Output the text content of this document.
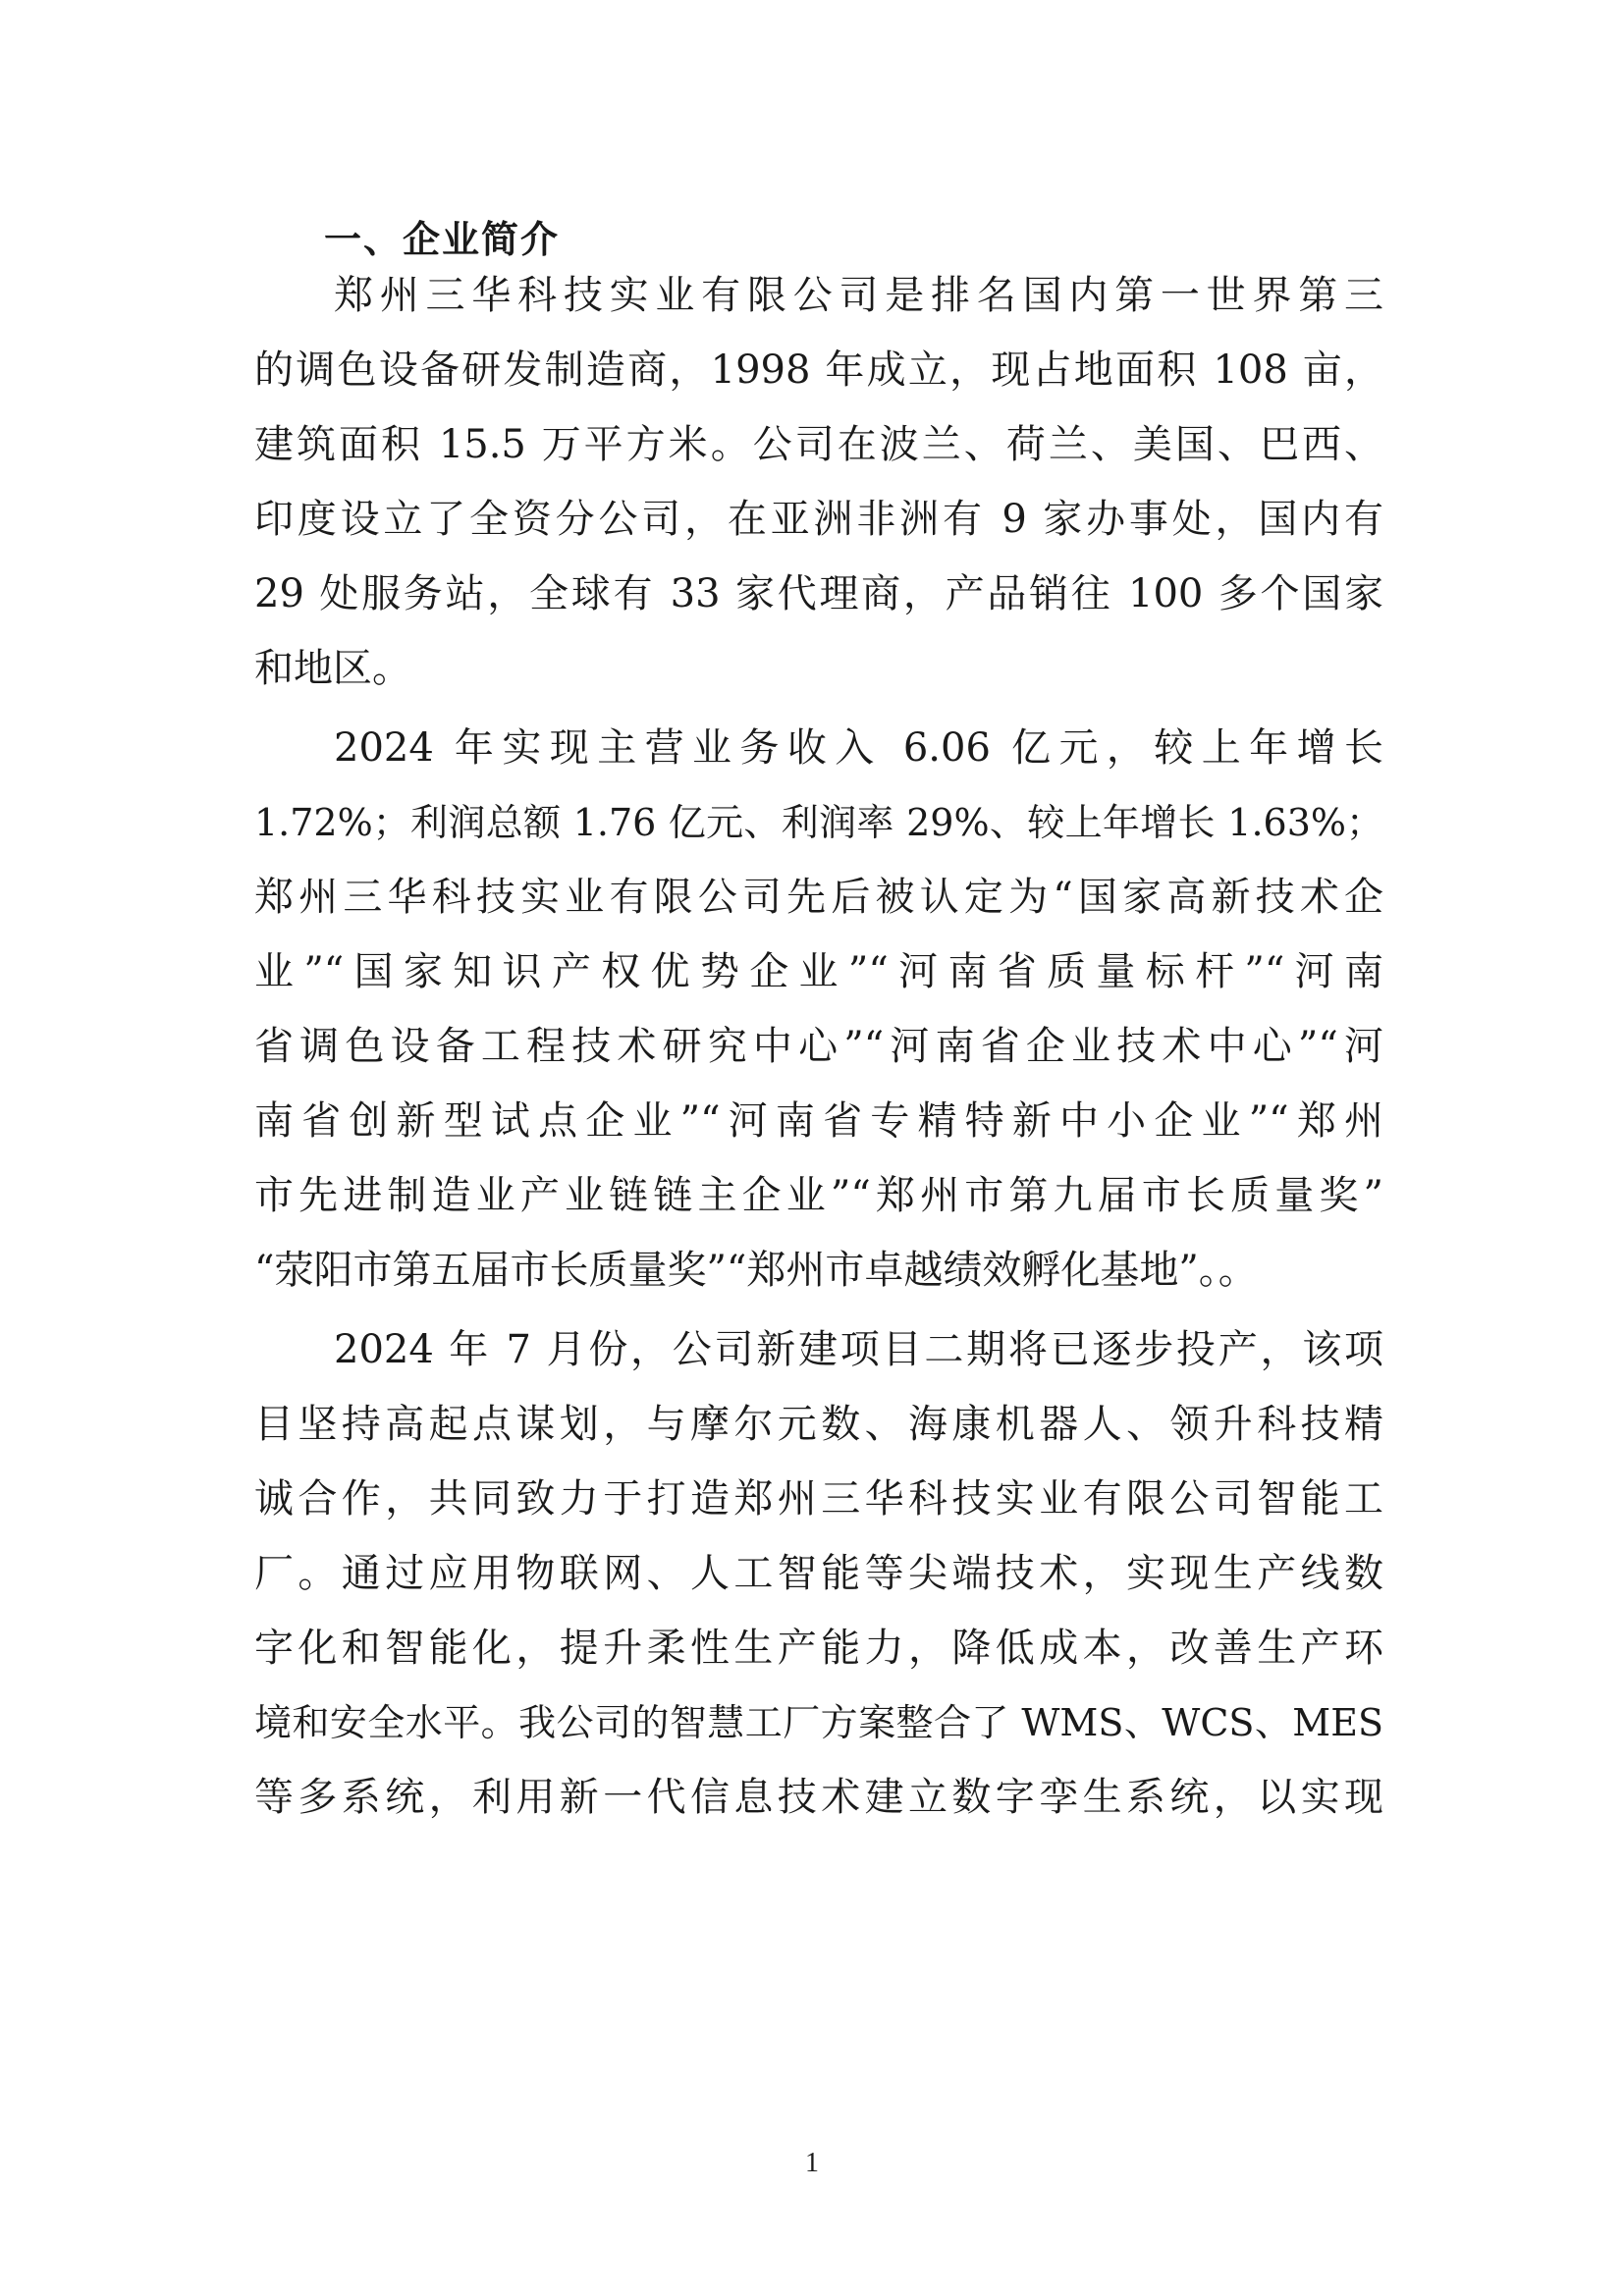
一、企业简介
郑州三华科技实业有限公司是排名国内第一世界第三
的调色设备研发制造商，1998 年成立，现占地面积 108 亩，
建筑面积 15.5 万平方米。公司在波兰、荷兰、美国、巴西、
印度设立了全资分公司，在亚洲非洲有 9 家办事处，国内有
29 处服务站，全球有 33 家代理商，产品销往 100 多个国家
和地区。
2024 年实现主营业务收入 6.06 亿元，较上年增长
1.72%；利润总额 1.76 亿元、利润率 29%、较上年增长 1.63%；
郑州三华科技实业有限公司先后被认定为“国家高新技术企
业”“国家知识产权优势企业”“河南省质量标杆”“河南
省调色设备工程技术研究中心”“河南省企业技术中心”“河
南省创新型试点企业”“河南省专精特新中小企业”“郑州
市先进制造业产业链链主企业”“郑州市第九届市长质量奖”
“荥阳市第五届市长质量奖”“郑州市卓越绩效孵化基地”。。
2024 年 7 月份，公司新建项目二期将已逐步投产，该项
目坚持高起点谋划，与摩尔元数、海康机器人、领升科技精
诚合作，共同致力于打造郑州三华科技实业有限公司智能工
厂。通过应用物联网、人工智能等尖端技术，实现生产线数
字化和智能化，提升柔性生产能力，降低成本，改善生产环
境和安全水平。我公司的智慧工厂方案整合了 WMS、WCS、MES
等多系统，利用新一代信息技术建立数字孪生系统，以实现
1
